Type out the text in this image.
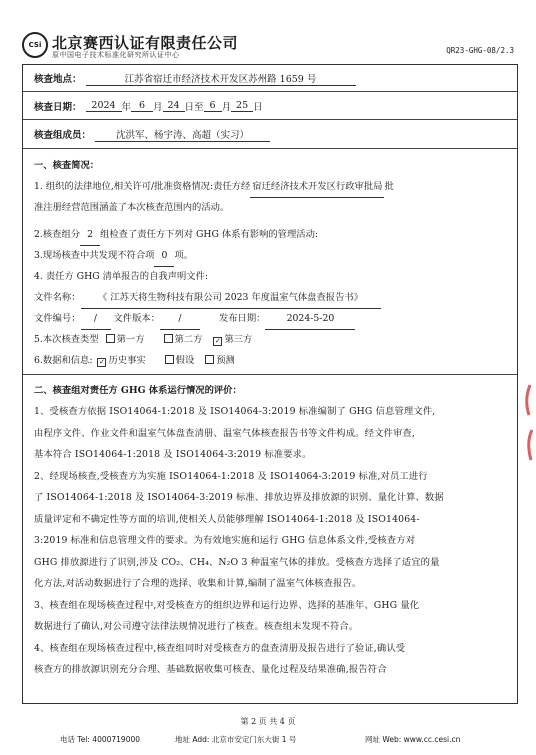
CSi 北京赛西认证有限责任公司
原中国电子技术标准化研究所认证中心	QR23-GHG-08/2.3
核查地点：	江苏省宿迁市经济技术开发区苏州路 1659 号
核查日期：	2024 年 6 月 24 日至 6 月 25 日
核查组成员：	沈洪军、杨宇涛、高超（实习）
一、核查简况：
1. 组织的法律地位,相关许可/批准资格情况:责任方经 宿迁经济技术开发区行政审批局 批
准注册经营范围涵盖了本次核查范围内的活动。
2.核查组分 2 组检查了责任方下列对 GHG 体系有影响的管理活动:
3.现场核查中共发现不符合项 0 项。
4. 责任方 GHG 清单报告的自我声明文件:
文件名称： 《 江苏天将生物科技有限公司 2023 年度温室气体盘查报告书》
文件编号： / 文件版本： /	发布日期： 2024-5-20
5.本次核查类型 第一方	第二方 ✓ 第三方
6.数据和信息: ✓ 历史事实	假设 预测
二、核查组对责任方 GHG 体系运行情况的评价：

1、受核查方依据 ISO14064-1:2018 及 ISO14064-3:2019 标准编制了 GHG 信息管理文件,

由程序文件、作业文件和温室气体盘查清册、温室气体核查报告书等文件构成。经文件审查,

基本符合 ISO14064-1:2018 及 ISO14064-3:2019 标准要求。

2、经现场核查,受核查方为实施 ISO14064-1:2018 及 ISO14064-3:2019 标准,对员工进行

了 ISO14064-1:2018 及 ISO14064-3:2019 标准、排放边界及排放源的识别、量化计算、数据

质量评定和不确定性等方面的培训,使相关人员能够理解 ISO14064-1:2018 及 ISO14064-

3:2019 标准和信息管理文件的要求。为有效地实施和运行 GHG 信息体系文件,受核查方对

GHG 排放源进行了识别,涉及 CO₂、CH₄、N₂O 3 种温室气体的排放。受核查方选择了适宜的量

化方法,对活动数据进行了合理的选择、收集和计算,编制了温室气体核查报告。

3、核查组在现场核查过程中,对受核查方的组织边界和运行边界、选择的基准年、GHG 量化

数据进行了确认,对公司遵守法律法规情况进行了核查。核查组未发现不符合。

4、核查组在现场核查过程中,核查组同时对受核查方的盘查清册及报告进行了验证,确认受

核查方的排放源识别充分合理、基础数据收集可核查、量化过程及结果准确,报告符合

第 2 页 共 4 页
电话 Tel: 4000719000	地址 Add: 北京市安定门东大街 1 号	网址 Web: www.cc.cesi.cn
